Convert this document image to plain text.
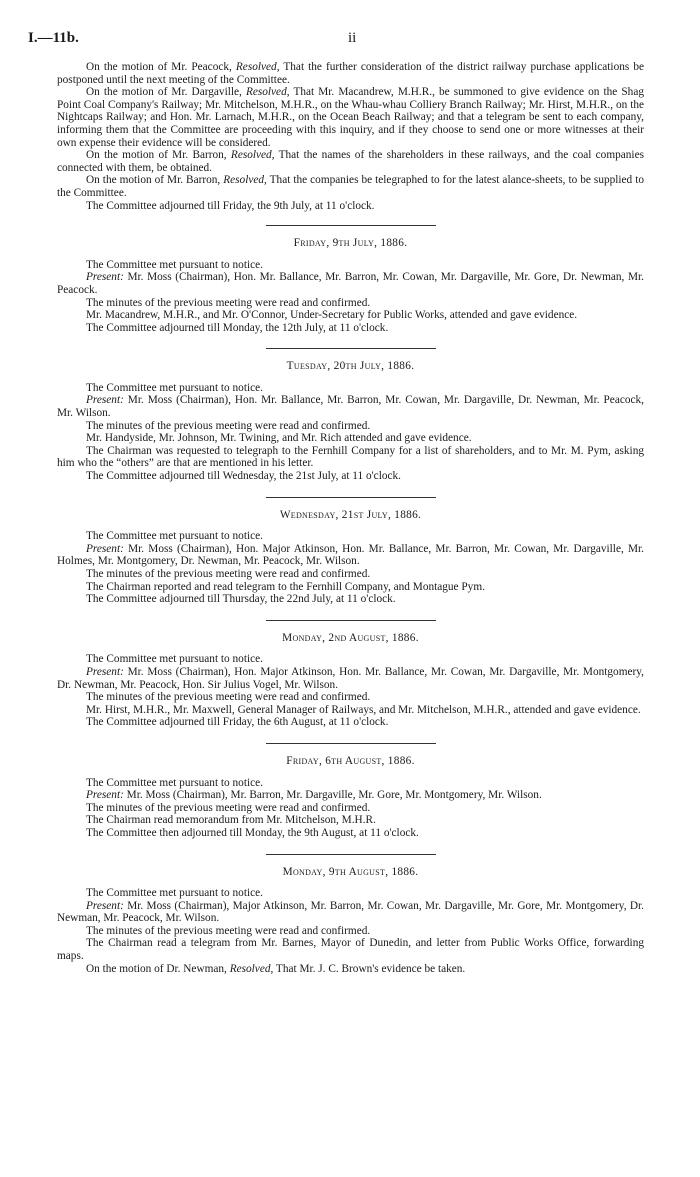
I.—11b.	ii

On the motion of Mr. Peacock, Resolved, That the further consideration of the district railway purchase applications be postponed until the next meeting of the Committee.

On the motion of Mr. Dargaville, Resolved, That Mr. Macandrew, M.H.R., be summoned to give evidence on the Shag Point Coal Company's Railway; Mr. Mitchelson, M.H.R., on the Whau-whau Colliery Branch Railway; Mr. Hirst, M.H.R., on the Nightcaps Railway; and Hon. Mr. Larnach, M.H.R., on the Ocean Beach Railway; and that a telegram be sent to each company, informing them that the Committee are proceeding with this inquiry, and if they choose to send one or more witnesses at their own expense their evidence will be considered.

On the motion of Mr. Barron, Resolved, That the names of the shareholders in these railways, and the coal companies connected with them, be obtained.

On the motion of Mr. Barron, Resolved, That the companies be telegraphed to for the latest alance-sheets, to be supplied to the Committee.

The Committee adjourned till Friday, the 9th July, at 11 o'clock.

Friday, 9th July, 1886.

The Committee met pursuant to notice.

Present: Mr. Moss (Chairman), Hon. Mr. Ballance, Mr. Barron, Mr. Cowan, Mr. Dargaville, Mr. Gore, Dr. Newman, Mr. Peacock.

The minutes of the previous meeting were read and confirmed.

Mr. Macandrew, M.H.R., and Mr. O'Connor, Under-Secretary for Public Works, attended and gave evidence.

The Committee adjourned till Monday, the 12th July, at 11 o'clock.

Tuesday, 20th July, 1886.

The Committee met pursuant to notice.

Present: Mr. Moss (Chairman), Hon. Mr. Ballance, Mr. Barron, Mr. Cowan, Mr. Dargaville, Dr. Newman, Mr. Peacock, Mr. Wilson.

The minutes of the previous meeting were read and confirmed.

Mr. Handyside, Mr. Johnson, Mr. Twining, and Mr. Rich attended and gave evidence.

The Chairman was requested to telegraph to the Fernhill Company for a list of shareholders, and to Mr. M. Pym, asking him who the “others” are that are mentioned in his letter.

The Committee adjourned till Wednesday, the 21st July, at 11 o'clock.

Wednesday, 21st July, 1886.

The Committee met pursuant to notice.

Present: Mr. Moss (Chairman), Hon. Major Atkinson, Hon. Mr. Ballance, Mr. Barron, Mr. Cowan, Mr. Dargaville, Mr. Holmes, Mr. Montgomery, Dr. Newman, Mr. Peacock, Mr. Wilson.

The minutes of the previous meeting were read and confirmed.

The Chairman reported and read telegram to the Fernhill Company, and Montague Pym.

The Committee adjourned till Thursday, the 22nd July, at 11 o'clock.

Monday, 2nd August, 1886.

The Committee met pursuant to notice.

Present: Mr. Moss (Chairman), Hon. Major Atkinson, Hon. Mr. Ballance, Mr. Cowan, Mr. Dargaville, Mr. Montgomery, Dr. Newman, Mr. Peacock, Hon. Sir Julius Vogel, Mr. Wilson.

The minutes of the previous meeting were read and confirmed.

Mr. Hirst, M.H.R., Mr. Maxwell, General Manager of Railways, and Mr. Mitchelson, M.H.R., attended and gave evidence.

The Committee adjourned till Friday, the 6th August, at 11 o'clock.

Friday, 6th August, 1886.

The Committee met pursuant to notice.

Present: Mr. Moss (Chairman), Mr. Barron, Mr. Dargaville, Mr. Gore, Mr. Montgomery, Mr. Wilson.

The minutes of the previous meeting were read and confirmed.

The Chairman read memorandum from Mr. Mitchelson, M.H.R.

The Committee then adjourned till Monday, the 9th August, at 11 o'clock.

Monday, 9th August, 1886.

The Committee met pursuant to notice.

Present: Mr. Moss (Chairman), Major Atkinson, Mr. Barron, Mr. Cowan, Mr. Dargaville, Mr. Gore, Mr. Montgomery, Dr. Newman, Mr. Peacock, Mr. Wilson.

The minutes of the previous meeting were read and confirmed.

The Chairman read a telegram from Mr. Barnes, Mayor of Dunedin, and letter from Public Works Office, forwarding maps.

On the motion of Dr. Newman, Resolved, That Mr. J. C. Brown's evidence be taken.
